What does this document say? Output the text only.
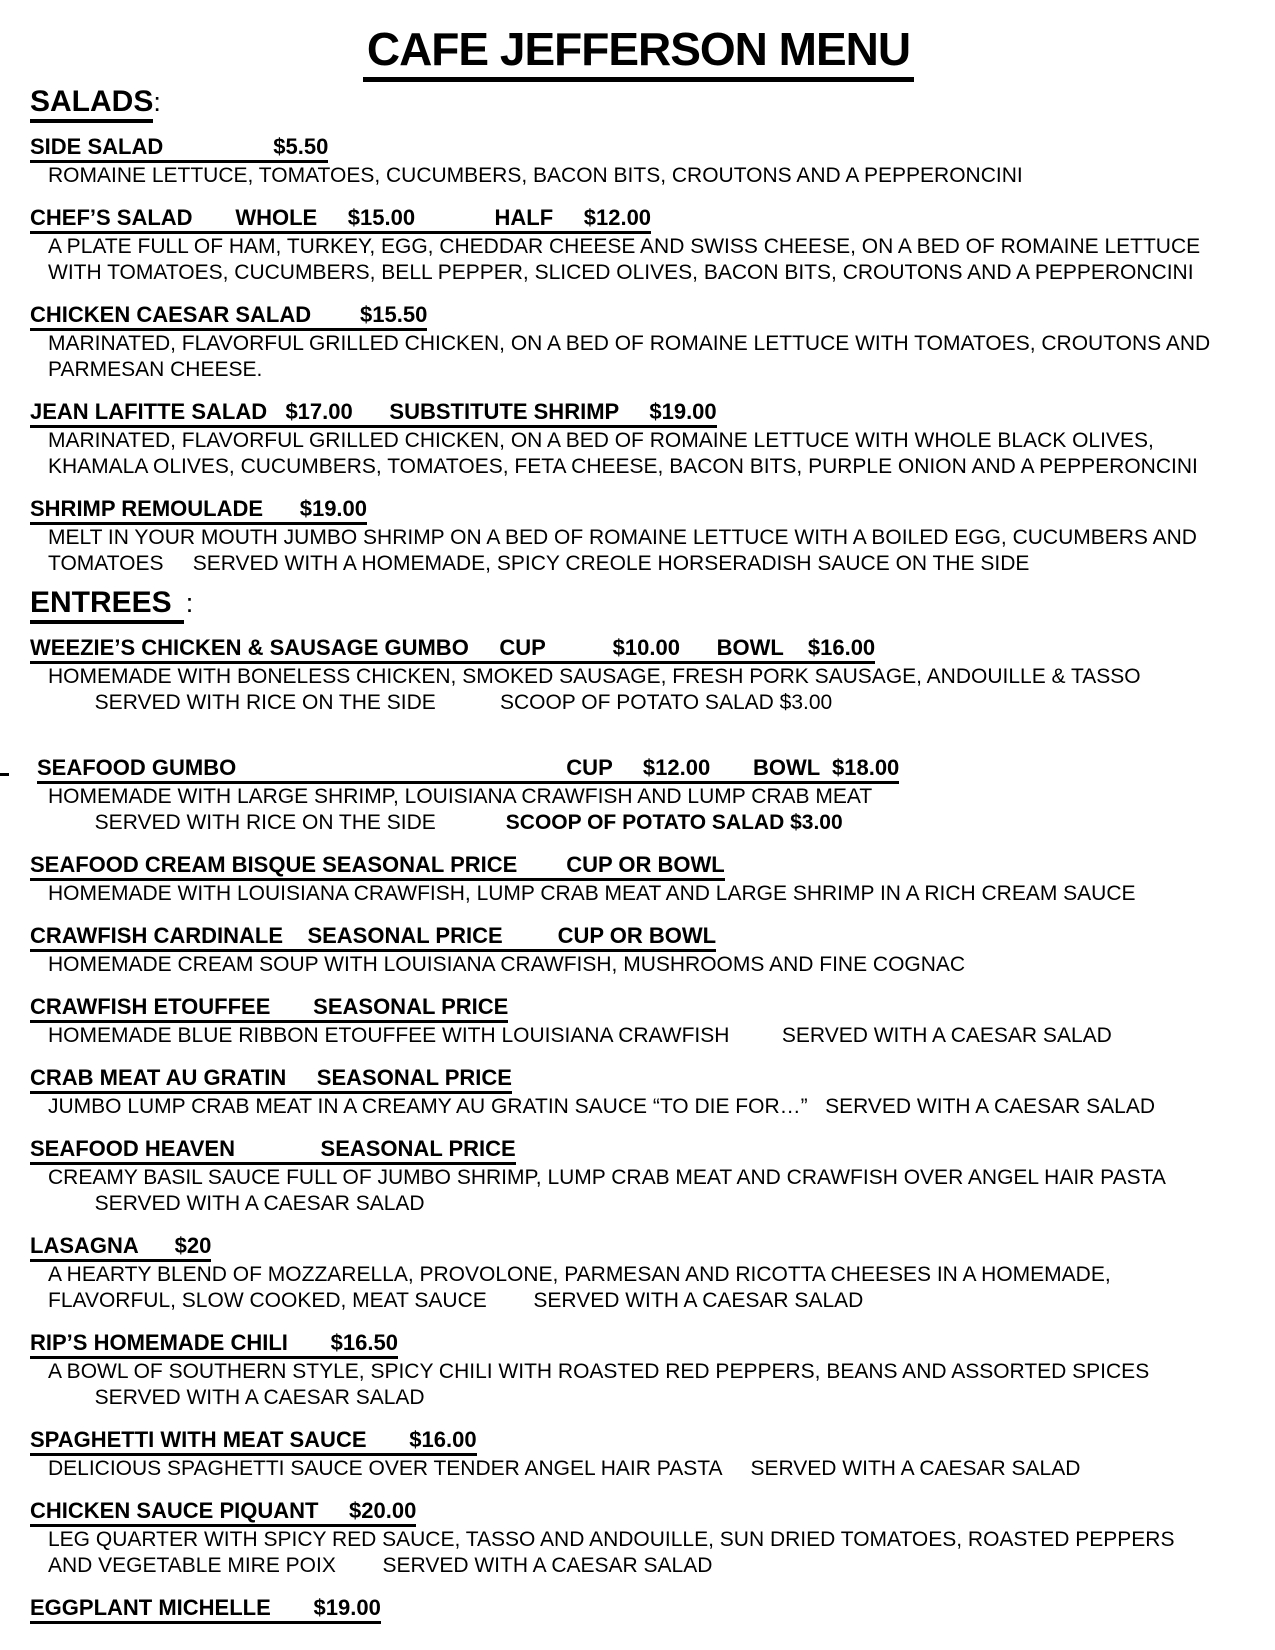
CAFE JEFFERSON MENU
SALADS:
SIDE SALAD                  $5.50
ROMAINE LETTUCE, TOMATOES, CUCUMBERS, BACON BITS, CROUTONS AND A PEPPERONCINI
CHEF’S SALAD       WHOLE     $15.00             HALF     $12.00
A PLATE FULL OF HAM, TURKEY, EGG, CHEDDAR CHEESE AND SWISS CHEESE, ON A BED OF ROMAINE LETTUCE
WITH TOMATOES, CUCUMBERS, BELL PEPPER, SLICED OLIVES, BACON BITS, CROUTONS AND A PEPPERONCINI
CHICKEN CAESAR SALAD        $15.50
MARINATED, FLAVORFUL GRILLED CHICKEN, ON A BED OF ROMAINE LETTUCE WITH TOMATOES, CROUTONS AND
PARMESAN CHEESE.
JEAN LAFITTE SALAD   $17.00      SUBSTITUTE SHRIMP     $19.00
MARINATED, FLAVORFUL GRILLED CHICKEN, ON A BED OF ROMAINE LETTUCE WITH WHOLE BLACK OLIVES,
KHAMALA OLIVES, CUCUMBERS, TOMATOES, FETA CHEESE, BACON BITS, PURPLE ONION AND A PEPPERONCINI
SHRIMP REMOULADE      $19.00
MELT IN YOUR MOUTH JUMBO SHRIMP ON A BED OF ROMAINE LETTUCE WITH A BOILED EGG, CUCUMBERS AND
TOMATOES     SERVED WITH A HOMEMADE, SPICY CREOLE HORSERADISH SAUCE ON THE SIDE
ENTREES :
WEEZIE’S CHICKEN & SAUSAGE GUMBO     CUP           $10.00      BOWL    $16.00
HOMEMADE WITH BONELESS CHICKEN, SMOKED SAUSAGE, FRESH PORK SAUSAGE, ANDOUILLE & TASSO
SERVED WITH RICE ON THE SIDE           SCOOP OF POTATO SALAD $3.00
SEAFOOD GUMBO                                                      CUP     $12.00       BOWL  $18.00
HOMEMADE WITH LARGE SHRIMP, LOUISIANA CRAWFISH AND LUMP CRAB MEAT
SERVED WITH RICE ON THE SIDE            SCOOP OF POTATO SALAD $3.00
SEAFOOD CREAM BISQUE SEASONAL PRICE        CUP OR BOWL
HOMEMADE WITH LOUISIANA CRAWFISH, LUMP CRAB MEAT AND LARGE SHRIMP IN A RICH CREAM SAUCE
CRAWFISH CARDINALE    SEASONAL PRICE         CUP OR BOWL
HOMEMADE CREAM SOUP WITH LOUISIANA CRAWFISH, MUSHROOMS AND FINE COGNAC
CRAWFISH ETOUFFEE       SEASONAL PRICE
HOMEMADE BLUE RIBBON ETOUFFEE WITH LOUISIANA CRAWFISH         SERVED WITH A CAESAR SALAD
CRAB MEAT AU GRATIN     SEASONAL PRICE
JUMBO LUMP CRAB MEAT IN A CREAMY AU GRATIN SAUCE “TO DIE FOR…”   SERVED WITH A CAESAR SALAD
SEAFOOD HEAVEN              SEASONAL PRICE
CREAMY BASIL SAUCE FULL OF JUMBO SHRIMP, LUMP CRAB MEAT AND CRAWFISH OVER ANGEL HAIR PASTA
SERVED WITH A CAESAR SALAD
LASAGNA      $20
A HEARTY BLEND OF MOZZARELLA, PROVOLONE, PARMESAN AND RICOTTA CHEESES IN A HOMEMADE,
FLAVORFUL, SLOW COOKED, MEAT SAUCE        SERVED WITH A CAESAR SALAD
RIP’S HOMEMADE CHILI       $16.50
A BOWL OF SOUTHERN STYLE, SPICY CHILI WITH ROASTED RED PEPPERS, BEANS AND ASSORTED SPICES
SERVED WITH A CAESAR SALAD
SPAGHETTI WITH MEAT SAUCE       $16.00
DELICIOUS SPAGHETTI SAUCE OVER TENDER ANGEL HAIR PASTA     SERVED WITH A CAESAR SALAD
CHICKEN SAUCE PIQUANT     $20.00
LEG QUARTER WITH SPICY RED SAUCE, TASSO AND ANDOUILLE, SUN DRIED TOMATOES, ROASTED PEPPERS
AND VEGETABLE MIRE POIX        SERVED WITH A CAESAR SALAD
EGGPLANT MICHELLE       $19.00
